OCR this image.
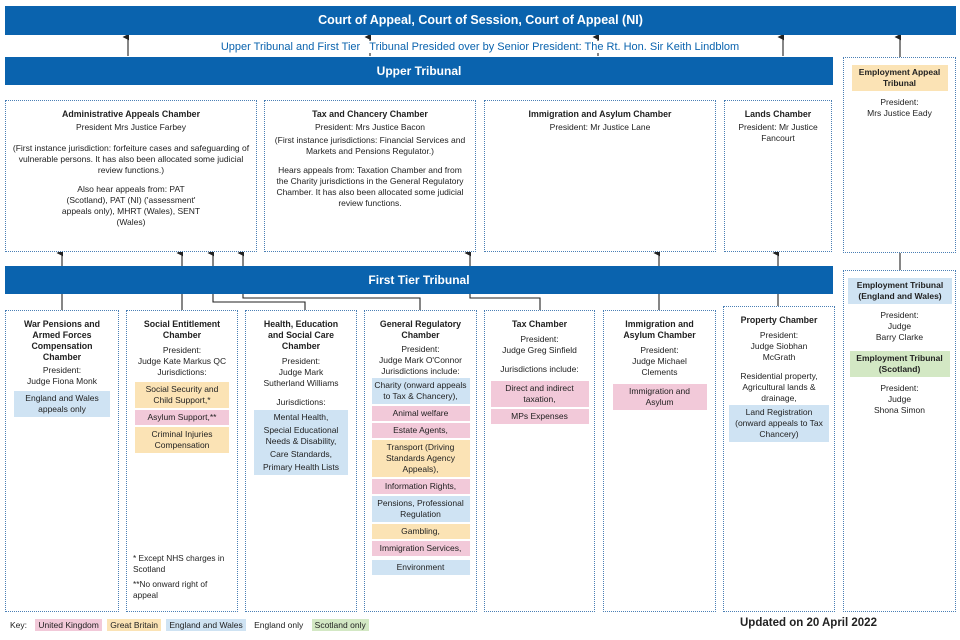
Court of Appeal, Court of Session, Court of Appeal (NI)
Upper Tribunal and First Tier Tribunal Presided over by Senior President: The Rt. Hon. Sir Keith Lindblom
Upper Tribunal
Administrative Appeals Chamber
President Mrs Justice Farbey
(First instance jurisdiction: forfeiture cases and safeguarding of vulnerable persons. It has also been allocated some judicial review functions.)
Also hear appeals from: PAT (Scotland), PAT (NI) ('assessment' appeals only), MHRT (Wales), SENT (Wales)
Tax and Chancery Chamber
President: Mrs Justice Bacon
(First instance jurisdictions: Financial Services and Markets and Pensions Regulator.)
Hears appeals from: Taxation Chamber and from the Charity jurisdictions in the General Regulatory Chamber. It has also been allocated some judicial review functions.
Immigration and Asylum Chamber
President: Mr Justice Lane
Lands Chamber
President: Mr Justice Fancourt
Employment Appeal Tribunal
President:
Mrs Justice Eady
First Tier Tribunal
War Pensions and Armed Forces Compensation Chamber
President:
Judge Fiona Monk
England and Wales appeals only
Social Entitlement Chamber
President:
Judge Kate Markus QC
Jurisdictions:
Social Security and Child Support,*
Asylum Support,**
Criminal Injuries Compensation
* Except NHS charges in Scotland
**No onward right of appeal
Health, Education and Social Care Chamber
President:
Judge Mark Sutherland Williams
Jurisdictions:
Mental Health,
Special Educational Needs & Disability,
Care Standards,
Primary Health Lists
General Regulatory Chamber
President:
Judge Mark O'Connor
Jurisdictions include:
Charity (onward appeals to Tax & Chancery),
Animal welfare
Estate Agents,
Transport (Driving Standards Agency Appeals),
Information Rights,
Pensions, Professional Regulation
Gambling,
Immigration Services,
Environment
Tax Chamber
President:
Judge Greg Sinfield
Jurisdictions include:
Direct and indirect taxation,
MPs Expenses
Immigration and Asylum Chamber
President:
Judge Michael Clements
Immigration and Asylum
Property Chamber
President:
Judge Siobhan McGrath
Residential property, Agricultural lands & drainage,
Land Registration (onward appeals to Tax Chancery)
Employment Tribunal (England and Wales)
President:
Judge
Barry Clarke
Employment Tribunal (Scotland)
President:
Judge
Shona Simon
Key: United Kingdom Great Britain England and Wales England only Scotland only	Updated on 20 April 2022
